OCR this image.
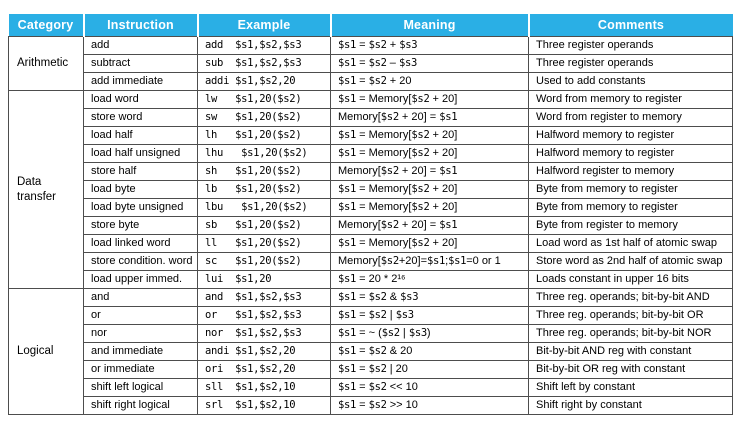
Category	Instruction	Example	Meaning	Comments
Arithmetic	add	add  $s1,$s2,$s3	$s1 = $s2 + $s3	Three register operands
	subtract	sub  $s1,$s2,$s3	$s1 = $s2 – $s3	Three register operands
	add immediate	addi $s1,$s2,20	$s1 = $s2 + 20	Used to add constants
Data transfer	load word	lw   $s1,20($s2)	$s1 = Memory[$s2 + 20]	Word from memory to register
	store word	sw   $s1,20($s2)	Memory[$s2 + 20] = $s1	Word from register to memory
	load half	lh   $s1,20($s2)	$s1 = Memory[$s2 + 20]	Halfword memory to register
	load half unsigned	lhu   $s1,20($s2)	$s1 = Memory[$s2 + 20]	Halfword memory to register
	store half	sh   $s1,20($s2)	Memory[$s2 + 20] = $s1	Halfword register to memory
	load byte	lb   $s1,20($s2)	$s1 = Memory[$s2 + 20]	Byte from memory to register
	load byte unsigned	lbu   $s1,20($s2)	$s1 = Memory[$s2 + 20]	Byte from memory to register
	store byte	sb   $s1,20($s2)	Memory[$s2 + 20] = $s1	Byte from register to memory
	load linked word	ll   $s1,20($s2)	$s1 = Memory[$s2 + 20]	Load word as 1st half of atomic swap
	store condition. word	sc   $s1,20($s2)	Memory[$s2+20]=$s1;$s1=0 or 1	Store word as 2nd half of atomic swap
	load upper immed.	lui  $s1,20	$s1 = 20 * 2¹⁶	Loads constant in upper 16 bits
Logical	and	and  $s1,$s2,$s3	$s1 = $s2 & $s3	Three reg. operands; bit-by-bit AND
	or	or   $s1,$s2,$s3	$s1 = $s2 | $s3	Three reg. operands; bit-by-bit OR
	nor	nor  $s1,$s2,$s3	$s1 = ~ ($s2 | $s3)	Three reg. operands; bit-by-bit NOR
	and immediate	andi $s1,$s2,20	$s1 = $s2 & 20	Bit-by-bit AND reg with constant
	or immediate	ori  $s1,$s2,20	$s1 = $s2 | 20	Bit-by-bit OR reg with constant
	shift left logical	sll  $s1,$s2,10	$s1 = $s2 << 10	Shift left by constant
	shift right logical	srl  $s1,$s2,10	$s1 = $s2 >> 10	Shift right by constant
